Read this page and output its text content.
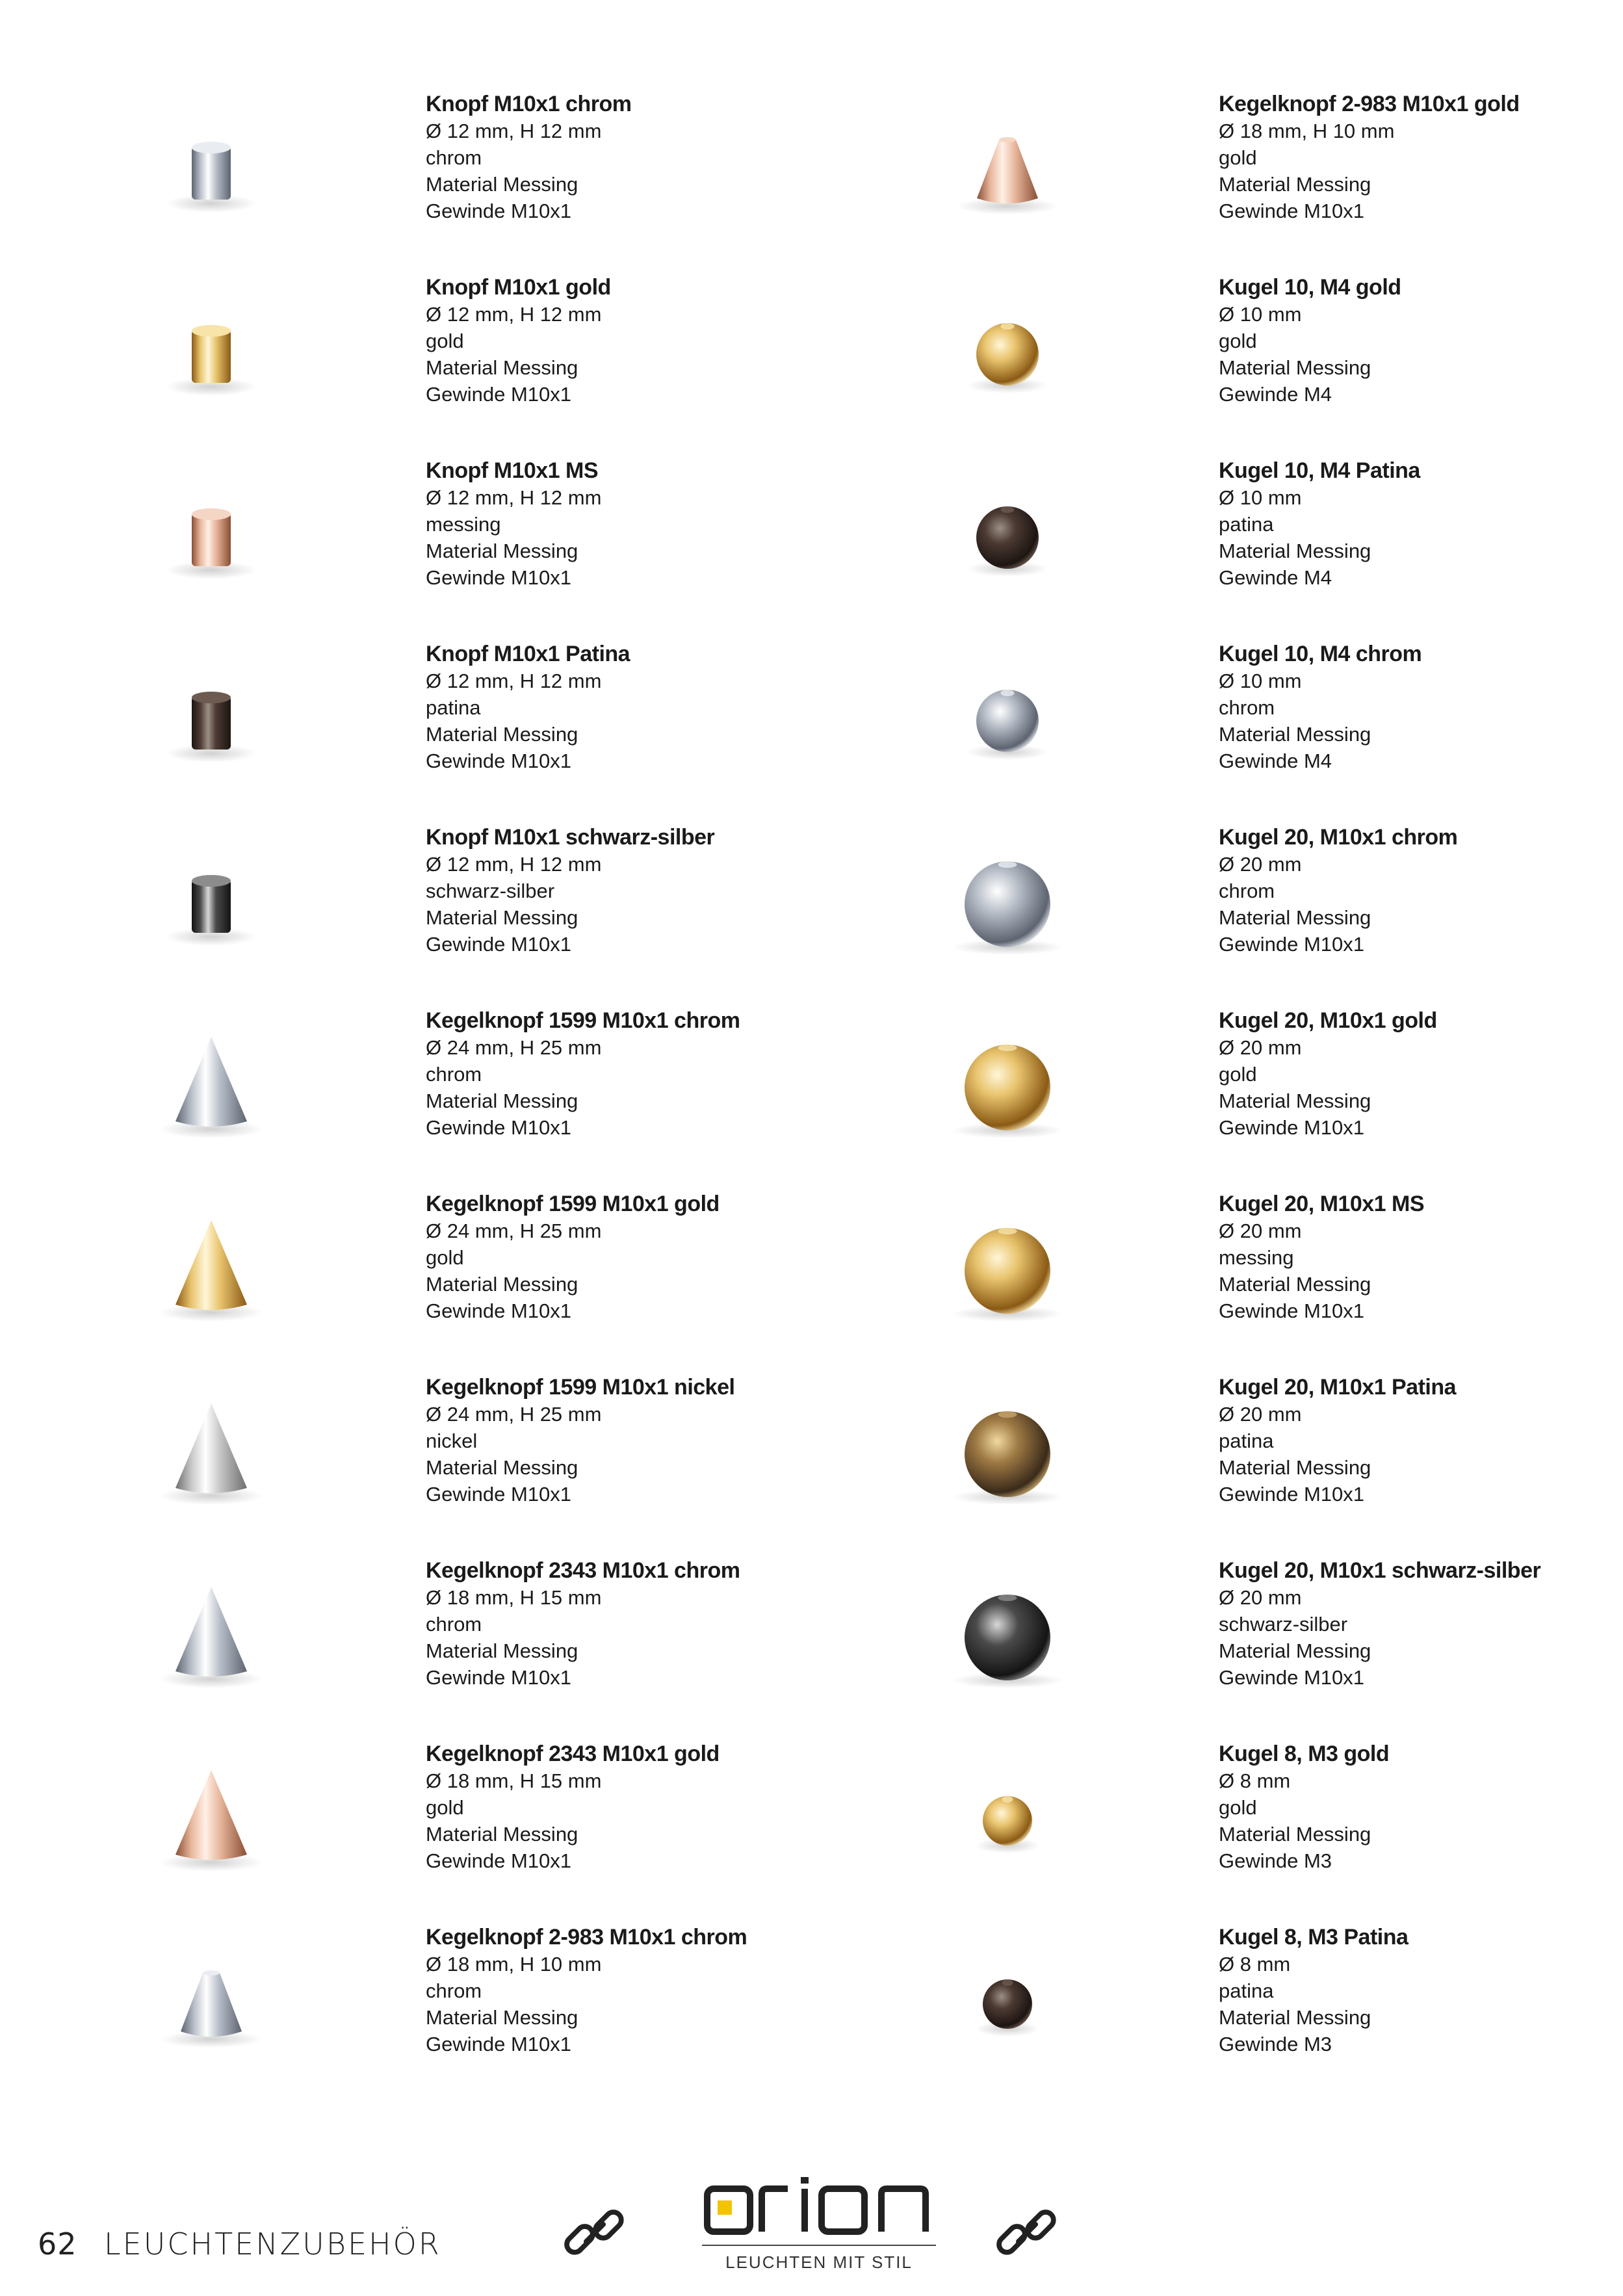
Knopf M10x1 chrom
Ø 12 mm, H 12 mm
chrom
Material Messing
Gewinde M10x1
Knopf M10x1 gold
Ø 12 mm, H 12 mm
gold
Material Messing
Gewinde M10x1
Knopf M10x1 MS
Ø 12 mm, H 12 mm
messing
Material Messing
Gewinde M10x1
Knopf M10x1 Patina
Ø 12 mm, H 12 mm
patina
Material Messing
Gewinde M10x1
Knopf M10x1 schwarz-silber
Ø 12 mm, H 12 mm
schwarz-silber
Material Messing
Gewinde M10x1
Kegelknopf 1599 M10x1 chrom
Ø 24 mm, H 25 mm
chrom
Material Messing
Gewinde M10x1
Kegelknopf 1599 M10x1 gold
Ø 24 mm, H 25 mm
gold
Material Messing
Gewinde M10x1
Kegelknopf 1599 M10x1 nickel
Ø 24 mm, H 25 mm
nickel
Material Messing
Gewinde M10x1
Kegelknopf 2343 M10x1 chrom
Ø 18 mm, H 15 mm
chrom
Material Messing
Gewinde M10x1
Kegelknopf 2343 M10x1 gold
Ø 18 mm, H 15 mm
gold
Material Messing
Gewinde M10x1
Kegelknopf 2-983 M10x1 chrom
Ø 18 mm, H 10 mm
chrom
Material Messing
Gewinde M10x1
Kegelknopf 2-983 M10x1 gold
Ø 18 mm, H 10 mm
gold
Material Messing
Gewinde M10x1
Kugel 10, M4 gold
Ø 10 mm
gold
Material Messing
Gewinde M4
Kugel 10, M4 Patina
Ø 10 mm
patina
Material Messing
Gewinde M4
Kugel 10, M4 chrom
Ø 10 mm
chrom
Material Messing
Gewinde M4
Kugel 20, M10x1 chrom
Ø 20 mm
chrom
Material Messing
Gewinde M10x1
Kugel 20, M10x1 gold
Ø 20 mm
gold
Material Messing
Gewinde M10x1
Kugel 20, M10x1 MS
Ø 20 mm
messing
Material Messing
Gewinde M10x1
Kugel 20, M10x1 Patina
Ø 20 mm
patina
Material Messing
Gewinde M10x1
Kugel 20, M10x1 schwarz-silber
Ø 20 mm
schwarz-silber
Material Messing
Gewinde M10x1
Kugel 8, M3 gold
Ø 8 mm
gold
Material Messing
Gewinde M3
Kugel 8, M3 Patina
Ø 8 mm
patina
Material Messing
Gewinde M3
62 LEUCHTENZUBEHÖR
LEUCHTEN MIT STIL
